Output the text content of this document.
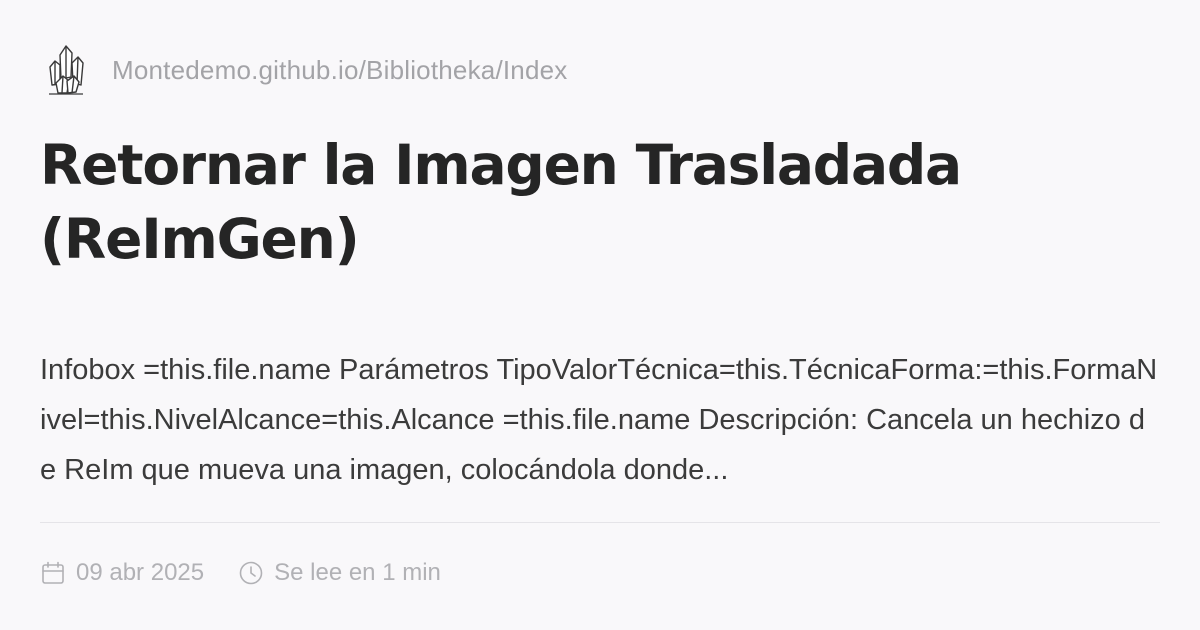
Montedemo.github.io/Bibliotheka/Index
Retornar la Imagen Trasladada (ReImGen)

Infobox =this.file.name Parámetros TipoValorTécnica=this.TécnicaForma:=this.FormaNivel=this.NivelAlcance=this.Alcance =this.file.name Descripción: Cancela un hechizo de ReIm que mueva una imagen, colocándola donde...

09 abr 2025	Se lee en 1 min
